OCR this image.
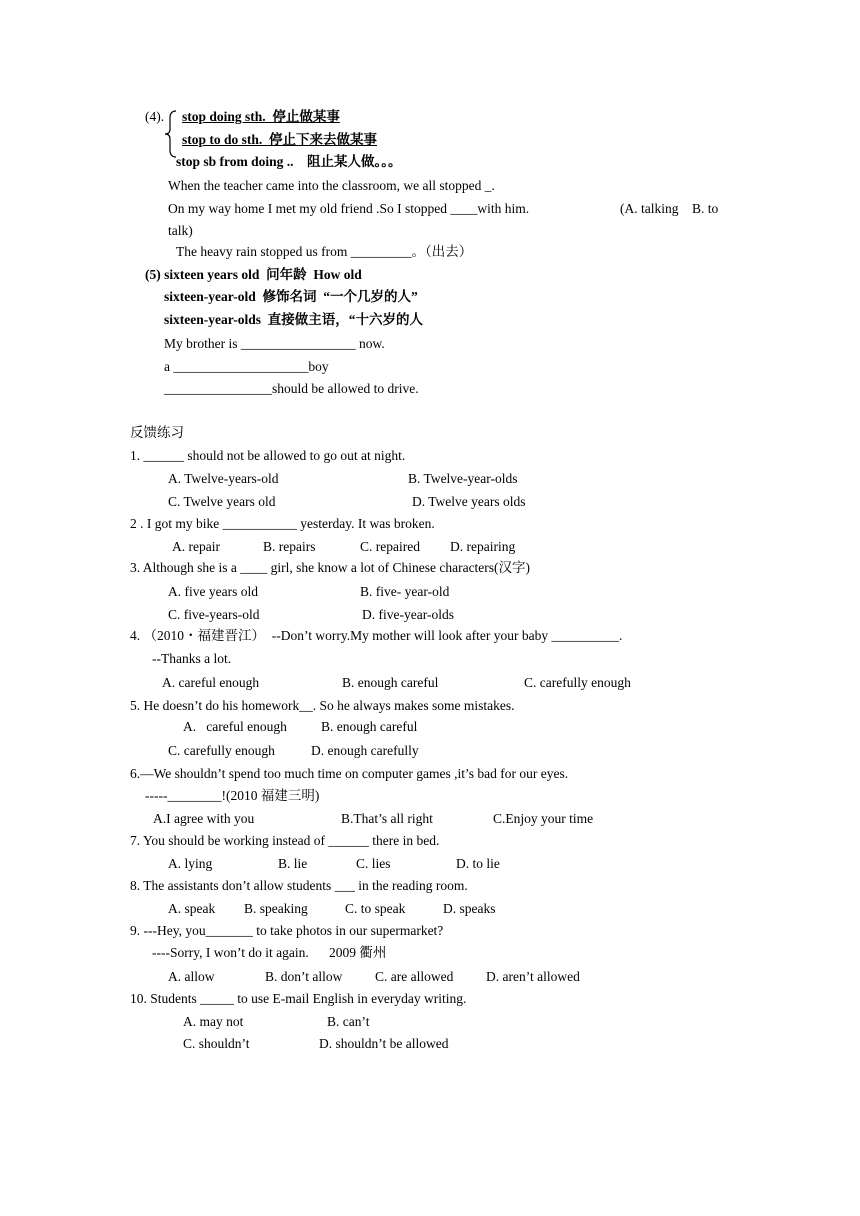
(4). stop doing sth.  停止做某事
stop to do sth.  停止下来去做某事
stop sb from doing ..    阻止某人做。。。
When the teacher came into the classroom, we all stopped _.
On my way home I met my old friend .So I stopped ____with him.	(A. talking    B. to
talk)
The heavy rain stopped us from _________。（出去）
(5) sixteen years old  问年龄  How old
sixteen-year-old  修饰名词  “一个几岁的人”
sixteen-year-olds  直接做主语，“十六岁的人
My brother is _________________ now.
a ____________________boy
________________should be allowed to drive.
反馈练习
1. ______ should not be allowed to go out at night.
A. Twelve-years-old	B. Twelve-year-olds
C. Twelve years old	D. Twelve years olds
2 . I got my bike ___________ yesterday. It was broken.
A. repair	B. repairs	C. repaired D. repairing
3. Although she is a ____ girl, she know a lot of Chinese characters(汉字)
A. five years old	B. five- year-old
C. five-years-old	D. five-year-olds
4. （2010・福建晋江）  --Don’t worry.My mother will look after your baby __________.
--Thanks a lot.
A. careful enough	B. enough careful	C. carefully enough
5. He doesn’t do his homework__. So he always makes some mistakes.
A.   careful enough	B. enough careful
C. carefully enough	D. enough carefully
6.—We shouldn’t spend too much time on computer games ,it’s bad for our eyes.
-----________!(2010 福建三明)
A.I agree with you	B.That’s all right	C.Enjoy your time
7. You should be working instead of ______ there in bed.
A. lying	B. lie	C. lies	D. to lie
8. The assistants don’t allow students ___ in the reading room.
A. speak B. speaking	C. to speak	D. speaks
9. ---Hey, you_______ to take photos in our supermarket?
----Sorry, I won’t do it again.      2009 衢州
A. allow	B. don’t allow C. are allowed D. aren’t allowed
10. Students _____ to use E-mail English in everyday writing.
A. may not	B. can’t
C. shouldn’t	D. shouldn’t be allowed
